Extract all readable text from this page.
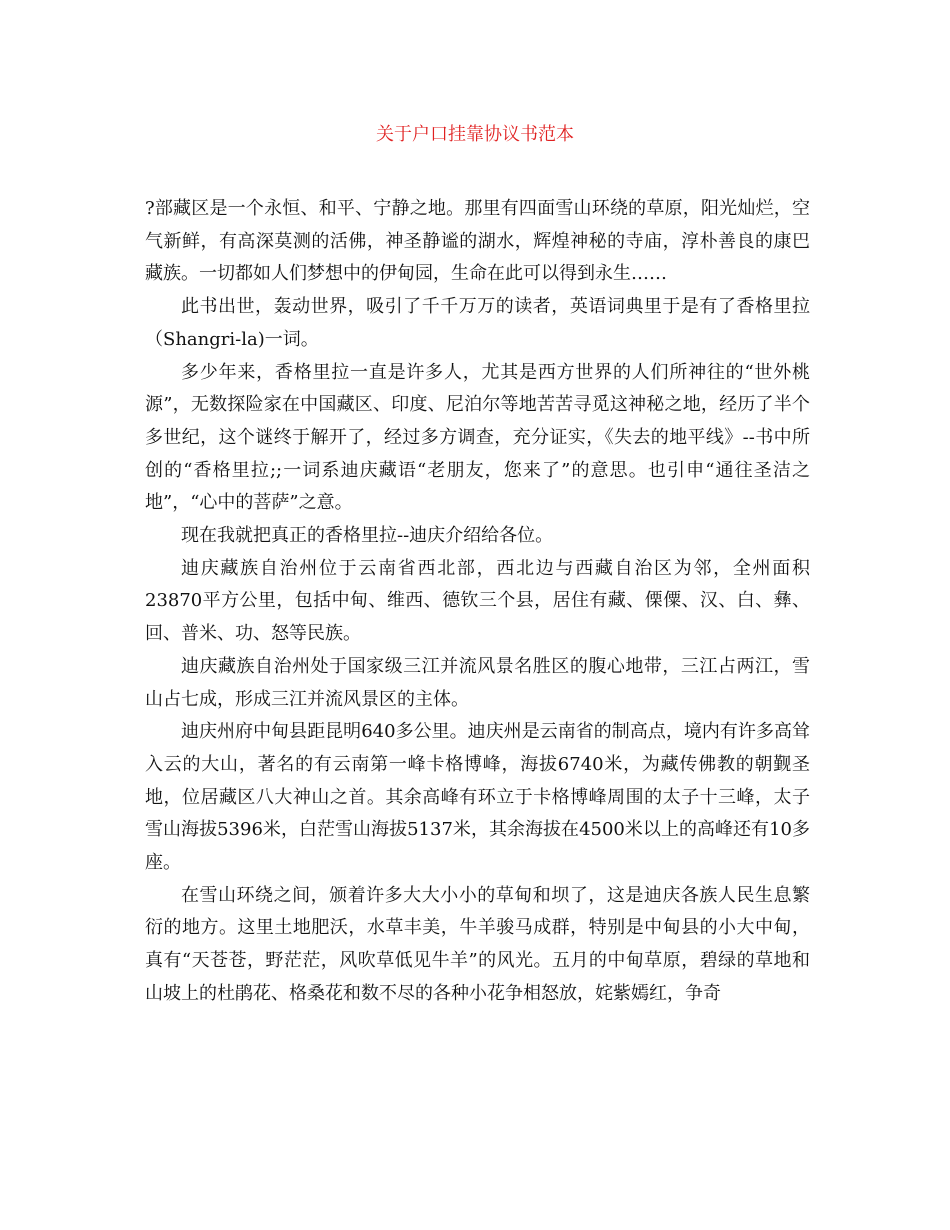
关于户口挂靠协议书范本

?部藏区是一个永恒、和平、宁静之地。那里有四面雪山环绕的草原，阳光灿烂，空气新鲜，有高深莫测的活佛，神圣静谧的湖水，辉煌神秘的寺庙，淳朴善良的康巴藏族。一切都如人们梦想中的伊甸园，生命在此可以得到永生……

此书出世，轰动世界，吸引了千千万万的读者，英语词典里于是有了香格里拉（Shangri-la)一词。

多少年来，香格里拉一直是许多人，尤其是西方世界的人们所神往的“世外桃源”，无数探险家在中国藏区、印度、尼泊尔等地苦苦寻觅这神秘之地，经历了半个多世纪，这个谜终于解开了，经过多方调查，充分证实，《失去的地平线》--书中所创的“香格里拉;;一词系迪庆藏语“老朋友，您来了”的意思。也引申“通往圣洁之地”，“心中的菩萨”之意。

现在我就把真正的香格里拉--迪庆介绍给各位。

迪庆藏族自治州位于云南省西北部，西北边与西藏自治区为邻，全州面积23870平方公里，包括中甸、维西、德钦三个县，居住有藏、傈僳、汉、白、彝、回、普米、功、怒等民族。

迪庆藏族自治州处于国家级三江并流风景名胜区的腹心地带，三江占两江，雪山占七成，形成三江并流风景区的主体。

迪庆州府中甸县距昆明640多公里。迪庆州是云南省的制高点，境内有许多高耸入云的大山，著名的有云南第一峰卡格博峰，海拔6740米，为藏传佛教的朝觐圣地，位居藏区八大神山之首。其余高峰有环立于卡格博峰周围的太子十三峰，太子雪山海拔5396米，白茫雪山海拔5137米，其余海拔在4500米以上的高峰还有10多座。

在雪山环绕之间，颁着许多大大小小的草甸和坝了，这是迪庆各族人民生息繁衍的地方。这里土地肥沃，水草丰美，牛羊骏马成群，特别是中甸县的小大中甸，真有“天苍苍，野茫茫，风吹草低见牛羊”的风光。五月的中甸草原，碧绿的草地和山坡上的杜鹃花、格桑花和数不尽的各种小花争相怒放，姹紫嫣红，争奇
